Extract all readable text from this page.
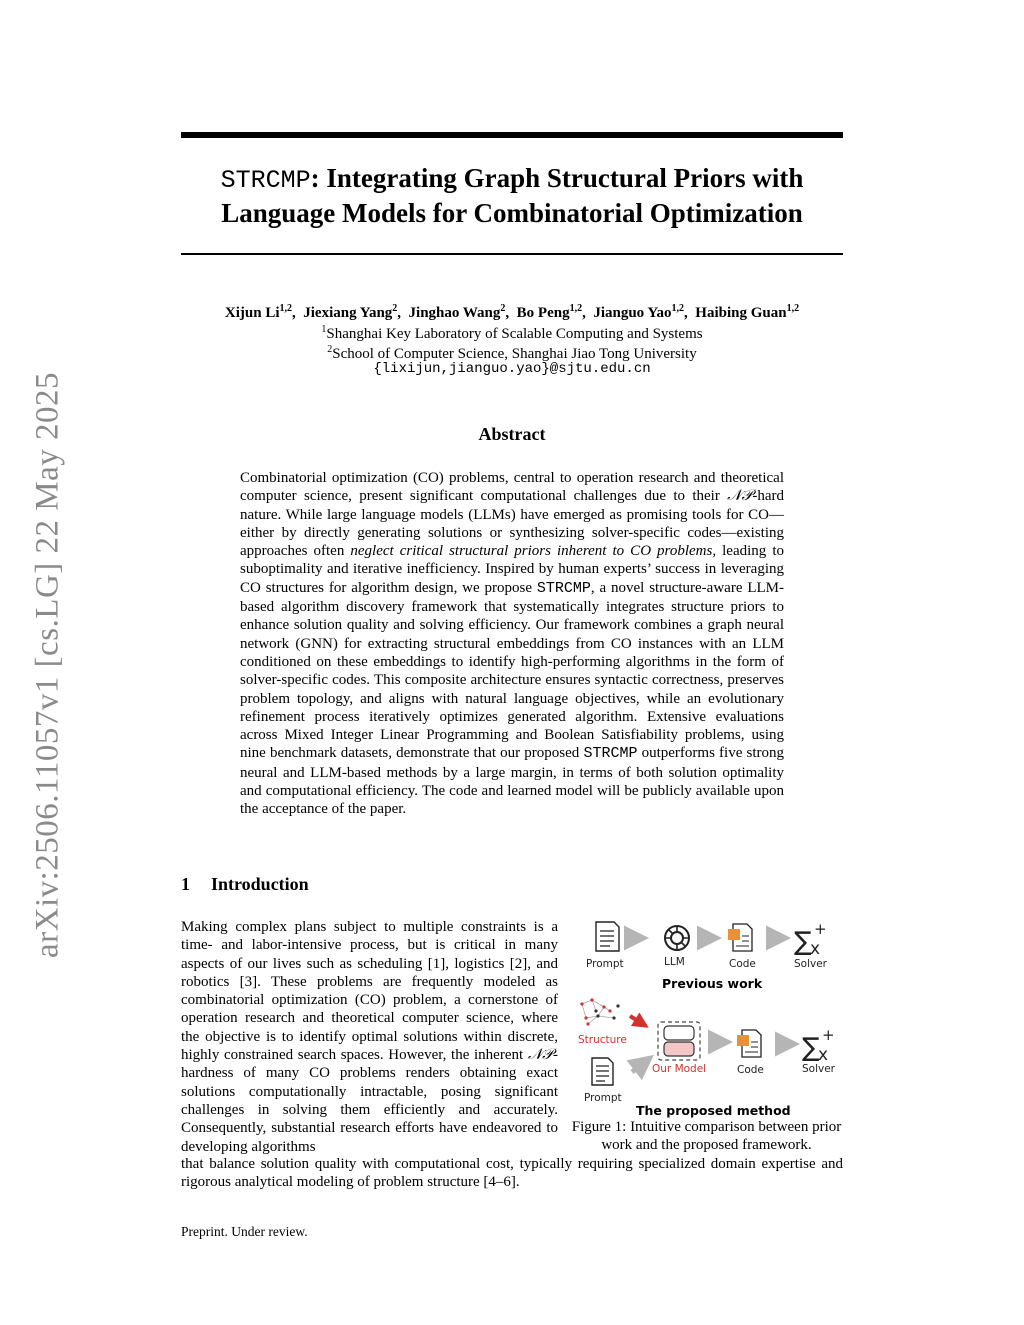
arXiv:2506.11057v1 [cs.LG] 22 May 2025
STRCMP: Integrating Graph Structural Priors with
Language Models for Combinatorial Optimization
Xijun Li$^{1,2}$,  Jiexiang Yang$^2$,  Jinghao Wang$^2$,  Bo Peng$^{1,2}$,  Jianguo Yao$^{1,2}$,  Haibing Guan$^{1,2}$
$^1$Shanghai Key Laboratory of Scalable Computing and Systems
$^2$School of Computer Science, Shanghai Jiao Tong University
{lixijun,jianguo.yao}@sjtu.edu.cn
Abstract
Combinatorial optimization (CO) problems, central to operation research and theoretical computer science, present significant computational challenges due to their 𝒩𝒫-hard nature. While large language models (LLMs) have emerged as promising tools for CO—either by directly generating solutions or synthesizing solver-specific codes—existing approaches often neglect critical structural priors inherent to CO problems, leading to suboptimality and iterative inefficiency. Inspired by human experts’ success in leveraging CO structures for algorithm design, we propose STRCMP, a novel structure-aware LLM-based algorithm discovery framework that systematically integrates structure priors to enhance solution quality and solving efficiency. Our framework combines a graph neural network (GNN) for extracting structural embeddings from CO instances with an LLM conditioned on these embeddings to identify high-performing algorithms in the form of solver-specific codes. This composite architecture ensures syntactic correctness, preserves problem topology, and aligns with natural language objectives, while an evolutionary refinement process iteratively optimizes generated algorithm. Extensive evaluations across Mixed Integer Linear Programming and Boolean Satisfiability problems, using nine benchmark datasets, demonstrate that our proposed STRCMP outperforms five strong neural and LLM-based methods by a large margin, in terms of both solution optimality and computational efficiency. The code and learned model will be publicly available upon the acceptance of the paper.
1 Introduction
Making complex plans subject to multiple constraints is a time- and labor-intensive process, but is critical in many aspects of our lives such as scheduling [1], logistics [2], and robotics [3]. These problems are frequently modeled as combinatorial optimization (CO) problem, a cornerstone of operation research and theoretical computer science, where the objective is to identify optimal solutions within discrete, highly constrained search spaces. However, the inherent 𝒩𝒫-hardness of many CO problems renders obtaining exact solutions computationally intractable, posing significant challenges in solving them efficiently and accurately. Consequently, substantial research efforts have endeavored to developing algorithms
that balance solution quality with computational cost, typically requiring specialized domain expertise and rigorous analytical modeling of problem structure [4–6].
∑
x
+
∑
x
+
Prompt	LLM	Code	Solver
Previous work
Structure
Prompt
Our Model	Code	Solver
The proposed method
Figure 1: Intuitive comparison between prior work and the proposed framework.
Preprint. Under review.
